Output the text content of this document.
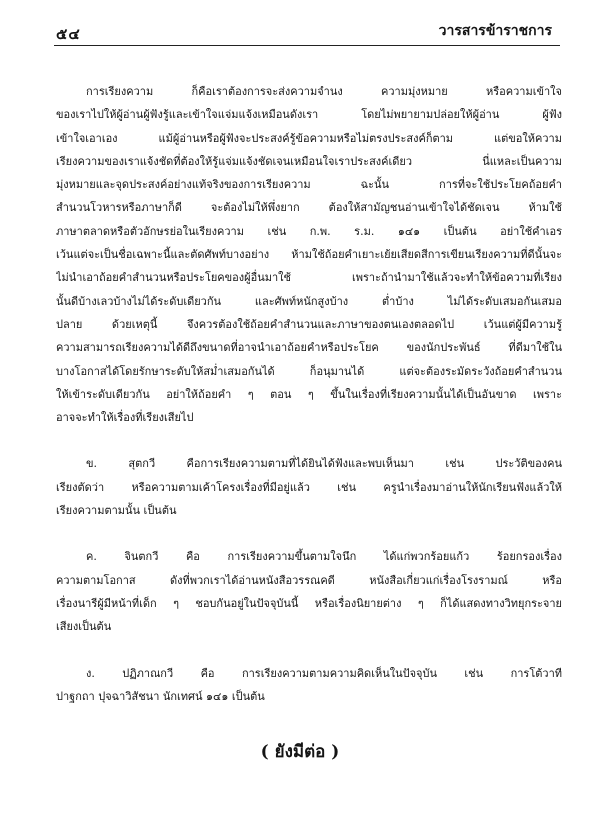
๕๔	วารสารข้าราชการ
การเรียงความ ก็คือเราต้องการจะส่งความจำนง ความมุ่งหมาย หรือความเข้าใจ
ของเราไปให้ผู้อ่านผู้ฟังรู้และเข้าใจแจ่มแจ้งเหมือนดังเรา โดยไม่พยายามปล่อยให้ผู้อ่าน ผู้ฟัง
เข้าใจเอาเอง แม้ผู้อ่านหรือผู้ฟังจะประสงค์รู้ข้อความหรือไม่ตรงประสงค์ก็ตาม แต่ขอให้ความ
เรียงความของเราแจ้งชัดที่ต้องให้รู้แจ่มแจ้งชัดเจนเหมือนใจเราประสงค์เดียว นี่แหละเป็นความ
มุ่งหมายและจุดประสงค์อย่างแท้จริงของการเรียงความ ฉะนั้น การที่จะใช้ประโยคถ้อยคำ
สำนวนโวหารหรือภาษาก็ดี จะต้องไม่ให้พึ่งยาก ต้องให้สามัญชนอ่านเข้าใจได้ชัดเจน ห้ามใช้
ภาษาตลาดหรือตัวอักษรย่อในเรียงความ เช่น ก.พ. ร.ม. ๑๔๑ เป็นต้น อย่าใช้คำเอร
เว้นแต่จะเป็นชื่อเฉพาะนี้และตัดศัพท์บางอย่าง ห้ามใช้ถ้อยคำเยาะเย้ยเสียดสีการเขียนเรียงความที่ดีนั้นจะ
ไม่นำเอาถ้อยคำสำนวนหรือประโยคของผู้อื่นมาใช้ เพราะถ้านำมาใช้แล้วจะทำให้ข้อความที่เรียง
นั้นดีบ้างเลวบ้างไม่ได้ระดับเดียวกัน และศัพท์หนักสูงบ้าง ต่ำบ้าง ไม่ได้ระดับเสมอกันเสมอ
ปลาย ด้วยเหตุนี้ จึงควรต้องใช้ถ้อยคำสำนวนและภาษาของตนเองตลอดไป เว้นแต่ผู้มีความรู้
ความสามารถเรียงความได้ดีถึงขนาดที่อาจนำเอาถ้อยคำหรือประโยค ของนักประพันธ์ ที่ดีมาใช้ใน
บางโอกาสได้โดยรักษาระดับให้สม่ำเสมอกันได้ ก็อนุมานได้ แต่จะต้องระมัดระวังถ้อยคำสำนวน
ให้เข้าระดับเดียวกัน อย่าให้ถ้อยคำ ๆ ตอน ๆ ขึ้นในเรื่องที่เรียงความนั้นได้เป็นอันขาด เพราะ
อาจจะทำให้เรื่องที่เรียงเสียไป
ข. สุตกวี คือการเรียงความตามที่ได้ยินได้ฟังและพบเห็นมา เช่น ประวัติของคน
เรียงตัดว่า หรือความตามเค้าโครงเรื่องที่มีอยู่แล้ว เช่น ครูนำเรื่องมาอ่านให้นักเรียนฟังแล้วให้
เรียงความตามนั้น เป็นต้น
ค. จินตกวี คือ การเรียงความขึ้นตามใจนึก ได้แก่พวกร้อยแก้ว ร้อยกรองเรื่อง
ความตามโอกาส ดังที่พวกเราได้อ่านหนังสือวรรณคดี หนังสือเกี่ยวแก่เรื่องโรงรามณ์ หรือ
เรื่องนารีผู้มีหน้าที่เด็ก ๆ ชอบกันอยู่ในปัจจุบันนี้ หรือเรื่องนิยายต่าง ๆ ก็ได้แสดงทางวิทยุกระจาย
เสียงเป็นต้น
ง. ปฏิภาณกวี คือ การเรียงความตามความคิดเห็นในปัจจุบัน เช่น การโต้วาที
ปาฐกถา ปุจฉาวิสัชนา นักเทศน์ ๑๔๑ เป็นต้น
( ยังมีต่อ )
